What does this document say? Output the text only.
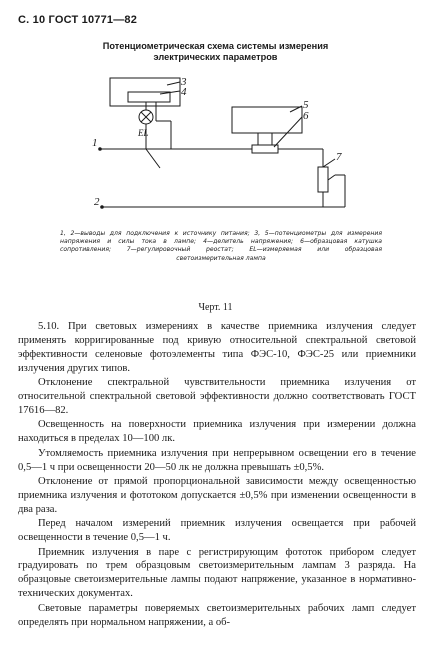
С. 10 ГОСТ 10771—82
Потенциометрическая схема системы измерения
электрических параметров
3
4
5
6
7
1
2
EL
1, 2—выводы для подключения к источнику питания; 3, 5—потенциометры для измерения напряжения и силы тока в лампе; 4—делитель напряжения; 6—образцовая катушка сопротивления; 7—регулировочный реостат; EL—измеряемая или образцовая светоизмерительная лампа
Черт. 11

5.10. При световых измерениях в качестве приемника излучения следует применять корригированные под кривую относительной спектральной световой эффективности селеновые фотоэлементы типа ФЭС-10, ФЭС-25 или приемники излучения других типов.

Отклонение спектральной чувствительности приемника излучения от относительной спектральной световой эффективности должно соответствовать ГОСТ 17616—82.

Освещенность на поверхности приемника излучения при измерении должна находиться в пределах 10—100 лк.

Утомляемость приемника излучения при непрерывном освещении его в течение 0,5—1 ч при освещенности 20—50 лк не должна превышать ±0,5%.

Отклонение от прямой пропорциональной зависимости между освещенностью приемника излучения и фототоком допускается ±0,5% при изменении освещенности в два раза.

Перед началом измерений приемник излучения освещается при рабочей освещенности в течение 0,5—1 ч.

Приемник излучения в паре с регистрирующим фототок прибором следует градуировать по трем образцовым светоизмерительным лампам 3 разряда. На образцовые светоизмерительные лампы подают напряжение, указанное в нормативно-технических документах.

Световые параметры поверяемых светоизмерительных рабочих ламп следует определять при нормальном напряжении, а об-
